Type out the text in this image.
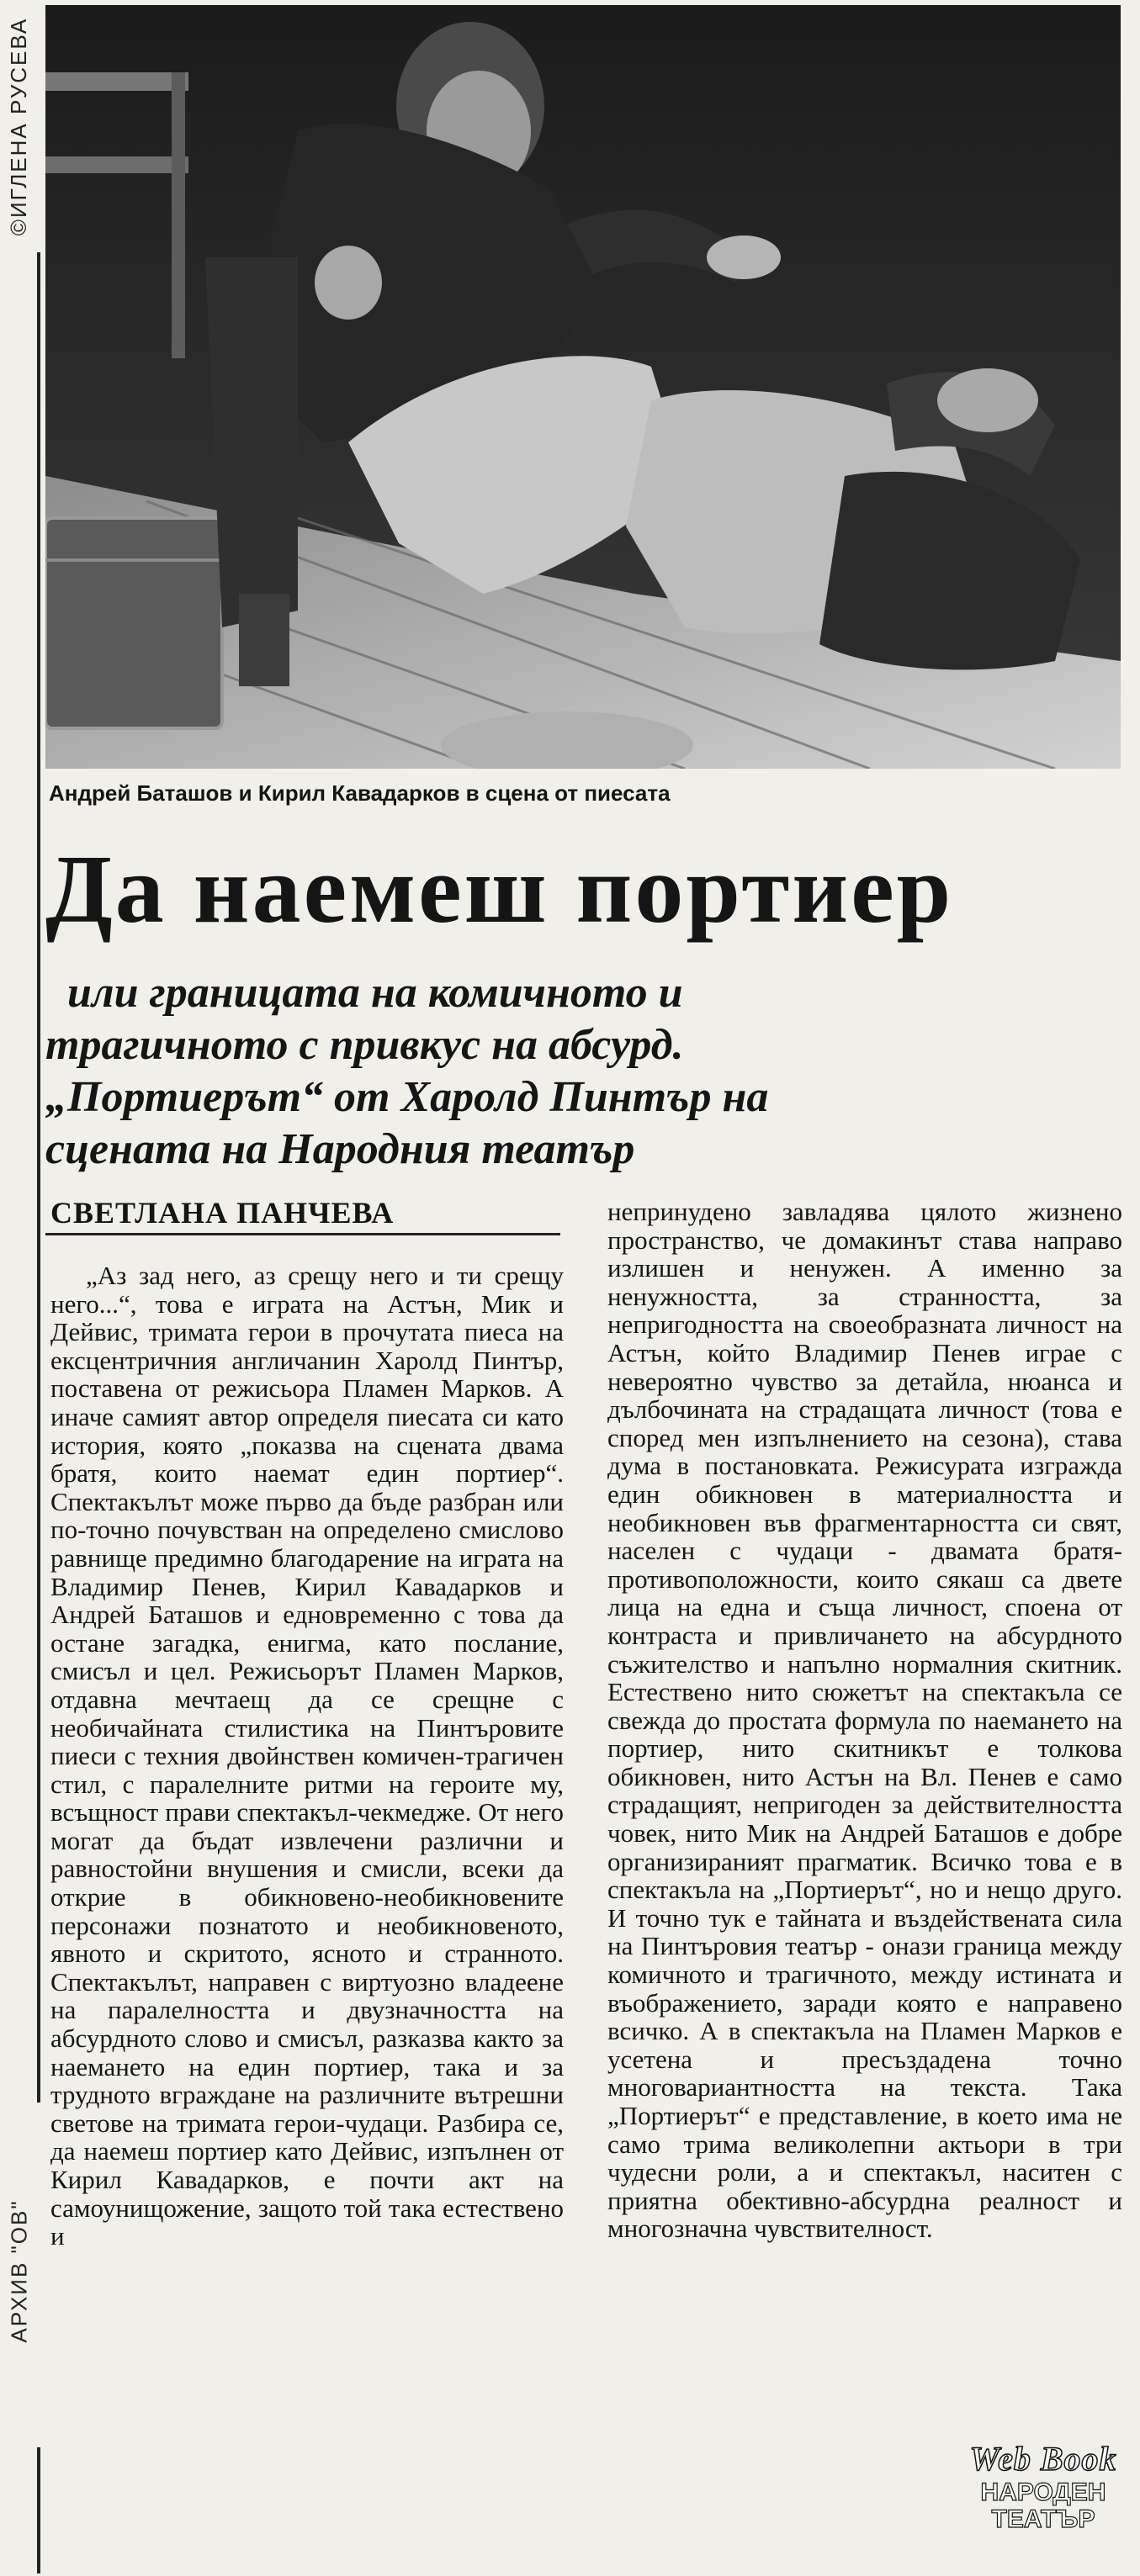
©ИГЛЕНА РУСЕВА
АРХИВ "ОВ"
Андрей Баташов и Кирил Кавадарков в сцена от пиесата
Да наемеш портиер
или границата на комичното и
трагичното с привкус на абсурд.
„Портиерът“ от Харолд Пинтър на
сцената на Народния театър
СВЕТЛАНА ПАНЧЕВА

„Аз зад него, аз срещу него и ти срещу него...“, това е играта на Астън, Мик и Дейвис, тримата герои в прочутата пиеса на ексцентричния англичанин Харолд Пинтър, поставена от режисьора Пламен Марков. А иначе самият автор определя пиесата си като история, която „показва на сцената двама братя, които наемат един портиер“. Спектакълът може първо да бъде разбран или по-точно почувстван на определено смислово равнище предимно благодарение на играта на Владимир Пенев, Кирил Кавадарков и Андрей Баташов и едновременно с това да остане загадка, енигма, като послание, смисъл и цел. Режисьорът Пламен Марков, отдавна мечтаещ да се срещне с необичайната стилистика на Пинтъровите пиеси с техния двойнствен комичен-трагичен стил, с паралелните ритми на героите му, всъщност прави спектакъл-чекмедже. От него могат да бъдат извлечени различни и равностойни внушения и смисли, всеки да открие в обикновено-необикновените персонажи познатото и необикновеното, явното и скритото, ясното и странното. Спектакълът, направен с виртуозно владеене на паралелността и двузначността на абсурдното слово и смисъл, разказва както за наемането на един портиер, така и за трудното вграждане на различните вътрешни светове на тримата герои-чудаци. Разбира се, да наемеш портиер като Дейвис, изпълнен от Кирил Кавадарков, е почти акт на самоунищожение, защото той така естествено и

непринудено завладява цялото жизнено пространство, че домакинът става направо излишен и ненужен. А именно за ненужността, за странността, за непригодността на своеобразната личност на Астън, който Владимир Пенев играе с невероятно чувство за детайла, нюанса и дълбочината на страдащата личност (това е според мен изпълнението на сезона), става дума в постановката. Режисурата изгражда един обикновен в материалността и необикновен във фрагментарността си свят, населен с чудаци - двамата братя-противоположности, които сякаш са двете лица на една и съща личност, споена от контраста и привличането на абсурдното съжителство и напълно нормалния скитник. Естествено нито сюжетът на спектакъла се свежда до простата формула по наемането на портиер, нито скитникът е толкова обикновен, нито Астън на Вл. Пенев е само страдащият, непригоден за действителността човек, нито Мик на Андрей Баташов е добре организираният прагматик. Всичко това е в спектакъла на „Портиерът“, но и нещо друго. И точно тук е тайната и въздействената сила на Пинтъровия театър - онази граница между комичното и трагичното, между истината и въображението, заради която е направено всичко. А в спектакъла на Пламен Марков е усетена и пресъздадена точно многовариантността на текста. Така „Портиерът“ е представление, в което има не само трима великолепни актьори в три чудесни роли, а и спектакъл, наситен с приятна обективно-абсурдна реалност и многозначна чувствителност.

Web Book
НАРОДЕН
ТЕАТЪР
